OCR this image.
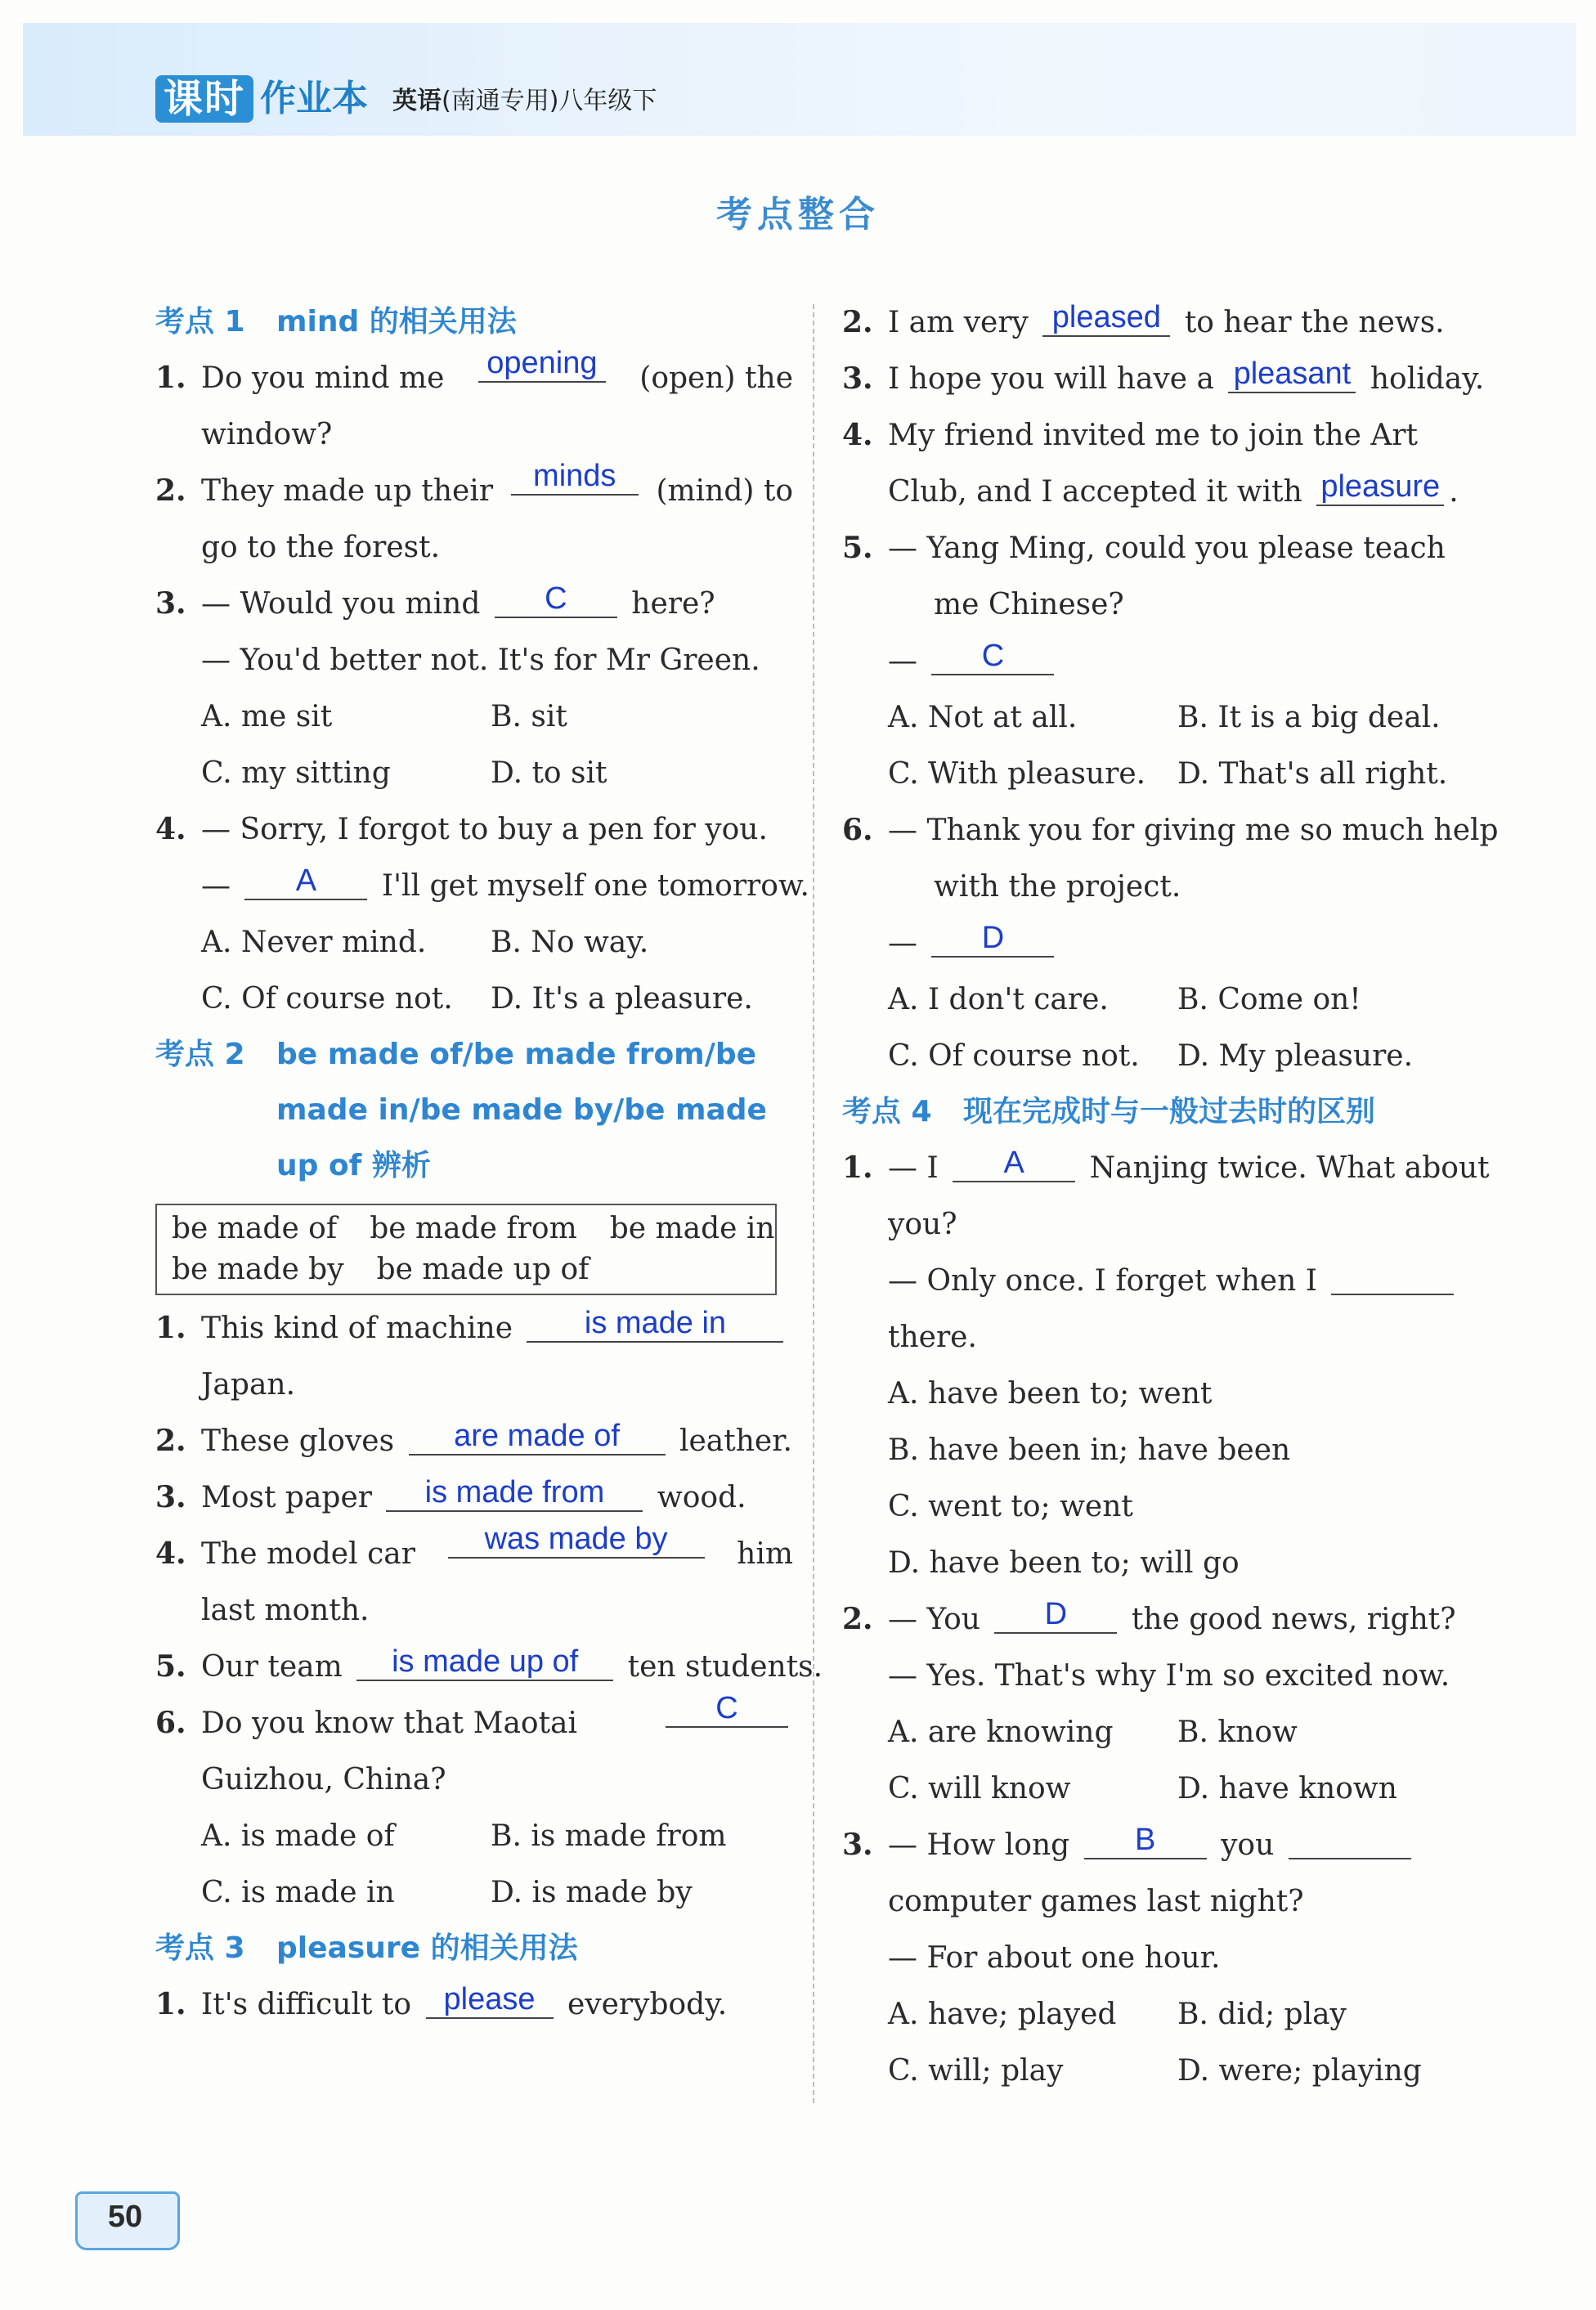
课时 作业本 英语(南通专用)八年级下
考点整合
考点 1	mind 的相关用法
1. Do you mind me opening (open) the
window?
2. They made up their	minds	(mind) to
go to the forest.
3. — Would you mind	C	here?
— You'd better not. It's for Mr Green.
A. me sit	B. sit
C. my sitting	D. to sit
4. — Sorry, I forgot to buy a pen for you.
—	A	I'll get myself one tomorrow.
A. Never mind.	B. No way.
C. Of course not.	D. It's a pleasure.
考点 2	be made of/be made from/be
made in/be made by/be made
up of 辨析
be made of be made from be made in
be made by be made up of
1. This kind of machine	is made in
Japan.
2. These gloves	are made of	leather.
3. Most paper	is made from	wood.
4. The model car	was made by	him
last month.
5. Our team	is made up of	ten students.
6. Do you know that Maotai	C
Guizhou, China?
A. is made of	B. is made from
C. is made in	D. is made by
考点 3	pleasure 的相关用法
1. It's difficult to	please	everybody.
2. I am very pleased to hear the news.
3. I hope you will have a pleasant holiday.
4. My friend invited me to join the Art
Club, and I accepted it with pleasure .
5. — Yang Ming, could you please teach
me Chinese?
—	C
A. Not at all.	B. It is a big deal.
C. With pleasure.	D. That's all right.
6. — Thank you for giving me so much help
with the project.
—	D
A. I don't care.	B. Come on!
C. Of course not.	D. My pleasure.
考点 4	现在完成时与一般过去时的区别
1. — I	A	Nanjing twice. What about
you?
— Only once. I forget when I
there.
A. have been to; went
B. have been in; have been
C. went to; went
D. have been to; will go
2. — You	D	the good news, right?
— Yes. That's why I'm so excited now.
A. are knowing	B. know
C. will know	D. have known
3. — How long	B	you
computer games last night?
— For about one hour.
A. have; played	B. did; play
C. will; play	D. were; playing
50
